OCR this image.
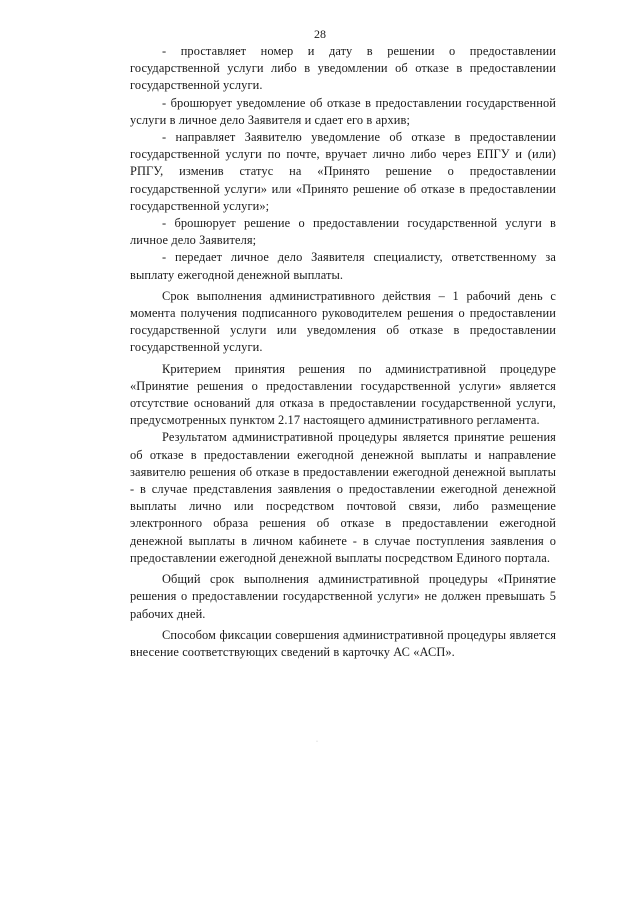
28

- проставляет номер и дату в решении о предоставлении государственной услуги либо в уведомлении об отказе в предоставлении государственной услуги.

- брошюрует уведомление об отказе в предоставлении государственной услуги в личное дело Заявителя и сдает его в архив;

- направляет Заявителю уведомление об отказе в предоставлении государственной услуги по почте, вручает лично либо через ЕПГУ и (или) РПГУ, изменив статус на «Принято решение о предоставлении государственной услуги» или «Принято решение об отказе в предоставлении государственной услуги»;

- брошюрует решение о предоставлении государственной услуги в личное дело Заявителя;

- передает личное дело Заявителя специалисту, ответственному за выплату ежегодной денежной выплаты.

Срок выполнения административного действия – 1 рабочий день с момента получения подписанного руководителем решения о предоставлении государственной услуги или уведомления об отказе в предоставлении государственной услуги.

Критерием принятия решения по административной процедуре «Принятие решения о предоставлении государственной услуги» является отсутствие оснований для отказа в предоставлении государственной услуги, предусмотренных пунктом 2.17 настоящего административного регламента.

Результатом административной процедуры является принятие решения об отказе в предоставлении ежегодной денежной выплаты и направление заявителю решения об отказе в предоставлении ежегодной денежной выплаты - в случае представления заявления о предоставлении ежегодной денежной выплаты лично или посредством почтовой связи, либо размещение электронного образа решения об отказе в предоставлении ежегодной денежной выплаты в личном кабинете - в случае поступления заявления о предоставлении ежегодной денежной выплаты посредством Единого портала.

Общий срок выполнения административной процедуры «Принятие решения о предоставлении государственной услуги» не должен превышать 5 рабочих дней.

Способом фиксации совершения административной процедуры является внесение соответствующих сведений в карточку АС «АСП».

·
